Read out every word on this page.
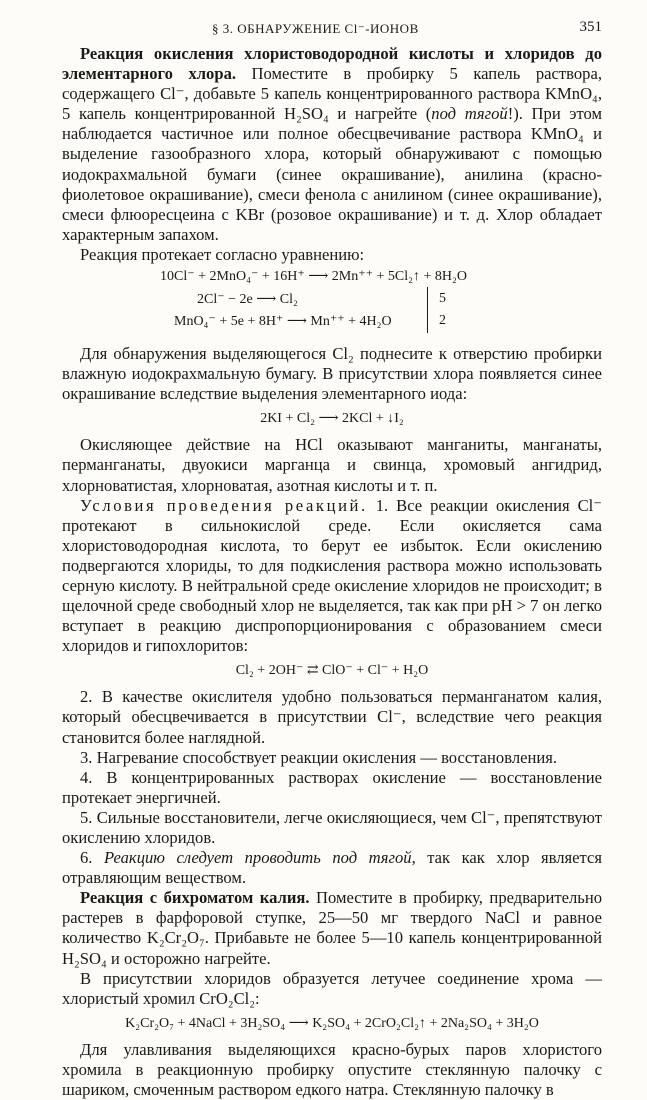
§ 3. ОБНАРУЖЕНИЕ Cl⁻-ИОНОВ	351

Реакция окисления хлористоводородной кислоты и хлоридов до элементарного хлора. Поместите в пробирку 5 капель раствора, содержащего Cl⁻, добавьте 5 капель концентрированного раствора KMnO₄, 5 капель концентрированной H₂SO₄ и нагрейте (под тягой!). При этом наблюдается частичное или полное обесцвечивание раствора KMnO₄ и выделение газообразного хлора, который обнаруживают с помощью иодокрахмальной бумаги (синее окрашивание), анилина (красно-фиолетовое окрашивание), смеси фенола с анилином (синее окрашивание), смеси флюоресцеина с KBr (розовое окрашивание) и т. д. Хлор обладает характерным запахом.

Реакция протекает согласно уравнению:

10Cl⁻ + 2MnO₄⁻ + 16H⁺ ⟶ 2Mn⁺⁺ + 5Cl₂↑ + 8H₂O
2Cl⁻ − 2e ⟶ Cl₂
MnO₄⁻ + 5e + 8H⁺ ⟶ Mn⁺⁺ + 4H₂O
5
2

Для обнаружения выделяющегося Cl₂ поднесите к отверстию пробирки влажную иодокрахмальную бумагу. В присутствии хлора появляется синее окрашивание вследствие выделения элементарного иода:

2KI + Cl₂ ⟶ 2KCl + ↓I₂

Окисляющее действие на HCl оказывают манганиты, манганаты, перманганаты, двуокиси марганца и свинца, хромовый ангидрид, хлорноватистая, хлорноватая, азотная кислоты и т. п.

Условия проведения реакций. 1. Все реакции окисления Cl⁻ протекают в сильнокислой среде. Если окисляется сама хлористоводородная кислота, то берут ее избыток. Если окислению подвергаются хлориды, то для подкисления раствора можно использовать серную кислоту. В нейтральной среде окисление хлоридов не происходит; в щелочной среде свободный хлор не выделяется, так как при pH > 7 он легко вступает в реакцию диспропорционирования с образованием смеси хлоридов и гипохлоритов:

Cl₂ + 2OH⁻ ⇄ ClO⁻ + Cl⁻ + H₂O

2. В качестве окислителя удобно пользоваться перманганатом калия, который обесцвечивается в присутствии Cl⁻, вследствие чего реакция становится более наглядной.

3. Нагревание способствует реакции окисления — восстановления.

4. В концентрированных растворах окисление — восстановление протекает энергичней.

5. Сильные восстановители, легче окисляющиеся, чем Cl⁻, препятствуют окислению хлоридов.

6. Реакцию следует проводить под тягой, так как хлор является отравляющим веществом.

Реакция с бихроматом калия. Поместите в пробирку, предварительно растерев в фарфоровой ступке, 25—50 мг твердого NaCl и равное количество K₂Cr₂O₇. Прибавьте не более 5—10 капель концентрированной H₂SO₄ и осторожно нагрейте.

В присутствии хлоридов образуется летучее соединение хрома — хлористый хромил CrO₂Cl₂:

K₂Cr₂O₇ + 4NaCl + 3H₂SO₄ ⟶ K₂SO₄ + 2CrO₂Cl₂↑ + 2Na₂SO₄ + 3H₂O

Для улавливания выделяющихся красно-бурых паров хлористого хромила в реакционную пробирку опустите стеклянную палочку с шариком, смоченным раствором едкого натра. Стеклянную палочку в
